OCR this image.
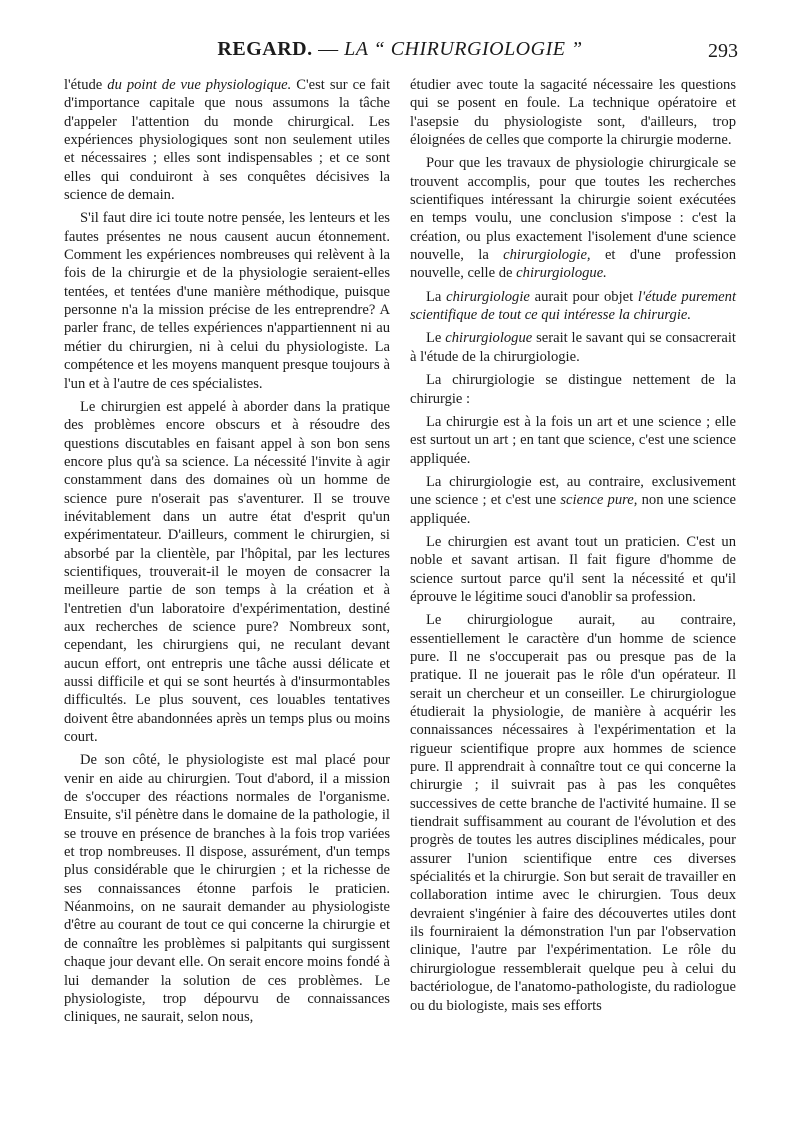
REGARD. — LA “ CHIRURGIOLOGIE ”	293

l'étude du point de vue physiologique. C'est sur ce fait d'importance capitale que nous assumons la tâche d'appeler l'attention du monde chirurgical. Les expériences physiologiques sont non seulement utiles et nécessaires ; elles sont indispensables ; et ce sont elles qui conduiront à ses conquêtes décisives la science de demain.

S'il faut dire ici toute notre pensée, les lenteurs et les fautes présentes ne nous causent aucun étonnement. Comment les expériences nombreuses qui relèvent à la fois de la chirurgie et de la physiologie seraient-elles tentées, et tentées d'une manière méthodique, puisque personne n'a la mission précise de les entreprendre? A parler franc, de telles expériences n'appartiennent ni au métier du chirurgien, ni à celui du physiologiste. La compétence et les moyens manquent presque toujours à l'un et à l'autre de ces spécialistes.

Le chirurgien est appelé à aborder dans la pratique des problèmes encore obscurs et à résoudre des questions discutables en faisant appel à son bon sens encore plus qu'à sa science. La nécessité l'invite à agir constamment dans des domaines où un homme de science pure n'oserait pas s'aventurer. Il se trouve inévitablement dans un autre état d'esprit qu'un expérimentateur. D'ailleurs, comment le chirurgien, si absorbé par la clientèle, par l'hôpital, par les lectures scientifiques, trouverait-il le moyen de consacrer la meilleure partie de son temps à la création et à l'entretien d'un laboratoire d'expérimentation, destiné aux recherches de science pure? Nombreux sont, cependant, les chirurgiens qui, ne reculant devant aucun effort, ont entrepris une tâche aussi délicate et aussi difficile et qui se sont heurtés à d'insurmontables difficultés. Le plus souvent, ces louables tentatives doivent être abandonnées après un temps plus ou moins court.

De son côté, le physiologiste est mal placé pour venir en aide au chirurgien. Tout d'abord, il a mission de s'occuper des réactions normales de l'organisme. Ensuite, s'il pénètre dans le domaine de la pathologie, il se trouve en présence de branches à la fois trop variées et trop nombreuses. Il dispose, assurément, d'un temps plus considérable que le chirurgien ; et la richesse de ses connaissances étonne parfois le praticien. Néanmoins, on ne saurait demander au physiologiste d'être au courant de tout ce qui concerne la chirurgie et de connaître les problèmes si palpitants qui surgissent chaque jour devant elle. On serait encore moins fondé à lui demander la solution de ces problèmes. Le physiologiste, trop dépourvu de connaissances cliniques, ne saurait, selon nous,

étudier avec toute la sagacité nécessaire les questions qui se posent en foule. La technique opératoire et l'asepsie du physiologiste sont, d'ailleurs, trop éloignées de celles que comporte la chirurgie moderne.

Pour que les travaux de physiologie chirurgicale se trouvent accomplis, pour que toutes les recherches scientifiques intéressant la chirurgie soient exécutées en temps voulu, une conclusion s'impose : c'est la création, ou plus exactement l'isolement d'une science nouvelle, la chirurgiologie, et d'une profession nouvelle, celle de chirurgiologue.

La chirurgiologie aurait pour objet l'étude purement scientifique de tout ce qui intéresse la chirurgie.

Le chirurgiologue serait le savant qui se consacrerait à l'étude de la chirurgiologie.

La chirurgiologie se distingue nettement de la chirurgie :

La chirurgie est à la fois un art et une science ; elle est surtout un art ; en tant que science, c'est une science appliquée.

La chirurgiologie est, au contraire, exclusivement une science ; et c'est une science pure, non une science appliquée.

Le chirurgien est avant tout un praticien. C'est un noble et savant artisan. Il fait figure d'homme de science surtout parce qu'il sent la nécessité et qu'il éprouve le légitime souci d'anoblir sa profession.

Le chirurgiologue aurait, au contraire, essentiellement le caractère d'un homme de science pure. Il ne s'occuperait pas ou presque pas de la pratique. Il ne jouerait pas le rôle d'un opérateur. Il serait un chercheur et un conseiller. Le chirurgiologue étudierait la physiologie, de manière à acquérir les connaissances nécessaires à l'expérimentation et la rigueur scientifique propre aux hommes de science pure. Il apprendrait à connaître tout ce qui concerne la chirurgie ; il suivrait pas à pas les conquêtes successives de cette branche de l'activité humaine. Il se tiendrait suffisamment au courant de l'évolution et des progrès de toutes les autres disciplines médicales, pour assurer l'union scientifique entre ces diverses spécialités et la chirurgie. Son but serait de travailler en collaboration intime avec le chirurgien. Tous deux devraient s'ingénier à faire des découvertes utiles dont ils fourniraient la démonstration l'un par l'observation clinique, l'autre par l'expérimentation. Le rôle du chirurgiologue ressemblerait quelque peu à celui du bactériologue, de l'anatomo-pathologiste, du radiologue ou du biologiste, mais ses efforts
